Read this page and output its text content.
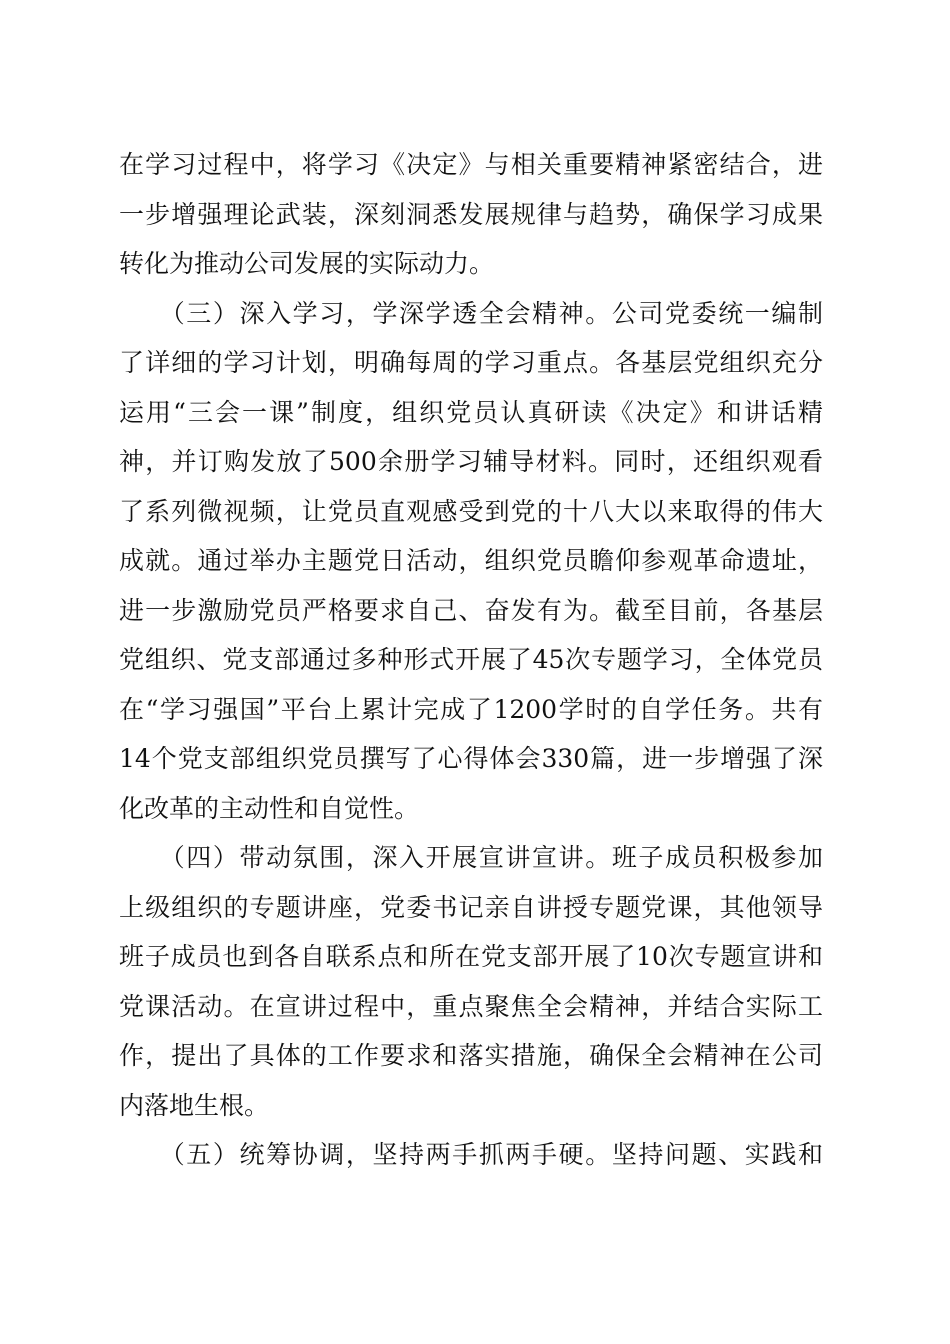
在学习过程中，将学习《决定》与相关重要精神紧密结合，进
一步增强理论武装，深刻洞悉发展规律与趋势，确保学习成果
转化为推动公司发展的实际动力。
　　（三）深入学习，学深学透全会精神。公司党委统一编制
了详细的学习计划，明确每周的学习重点。各基层党组织充分
运用“三会一课”制度，组织党员认真研读《决定》和讲话精
神，并订购发放了500余册学习辅导材料。同时，还组织观看
了系列微视频，让党员直观感受到党的十八大以来取得的伟大
成就。通过举办主题党日活动，组织党员瞻仰参观革命遗址，
进一步激励党员严格要求自己、奋发有为。截至目前，各基层
党组织、党支部通过多种形式开展了45次专题学习，全体党员
在“学习强国”平台上累计完成了1200学时的自学任务。共有
14个党支部组织党员撰写了心得体会330篇，进一步增强了深
化改革的主动性和自觉性。
　　（四）带动氛围，深入开展宣讲宣讲。班子成员积极参加
上级组织的专题讲座，党委书记亲自讲授专题党课，其他领导
班子成员也到各自联系点和所在党支部开展了10次专题宣讲和
党课活动。在宣讲过程中，重点聚焦全会精神，并结合实际工
作，提出了具体的工作要求和落实措施，确保全会精神在公司
内落地生根。
　　（五）统筹协调，坚持两手抓两手硬。坚持问题、实践和
